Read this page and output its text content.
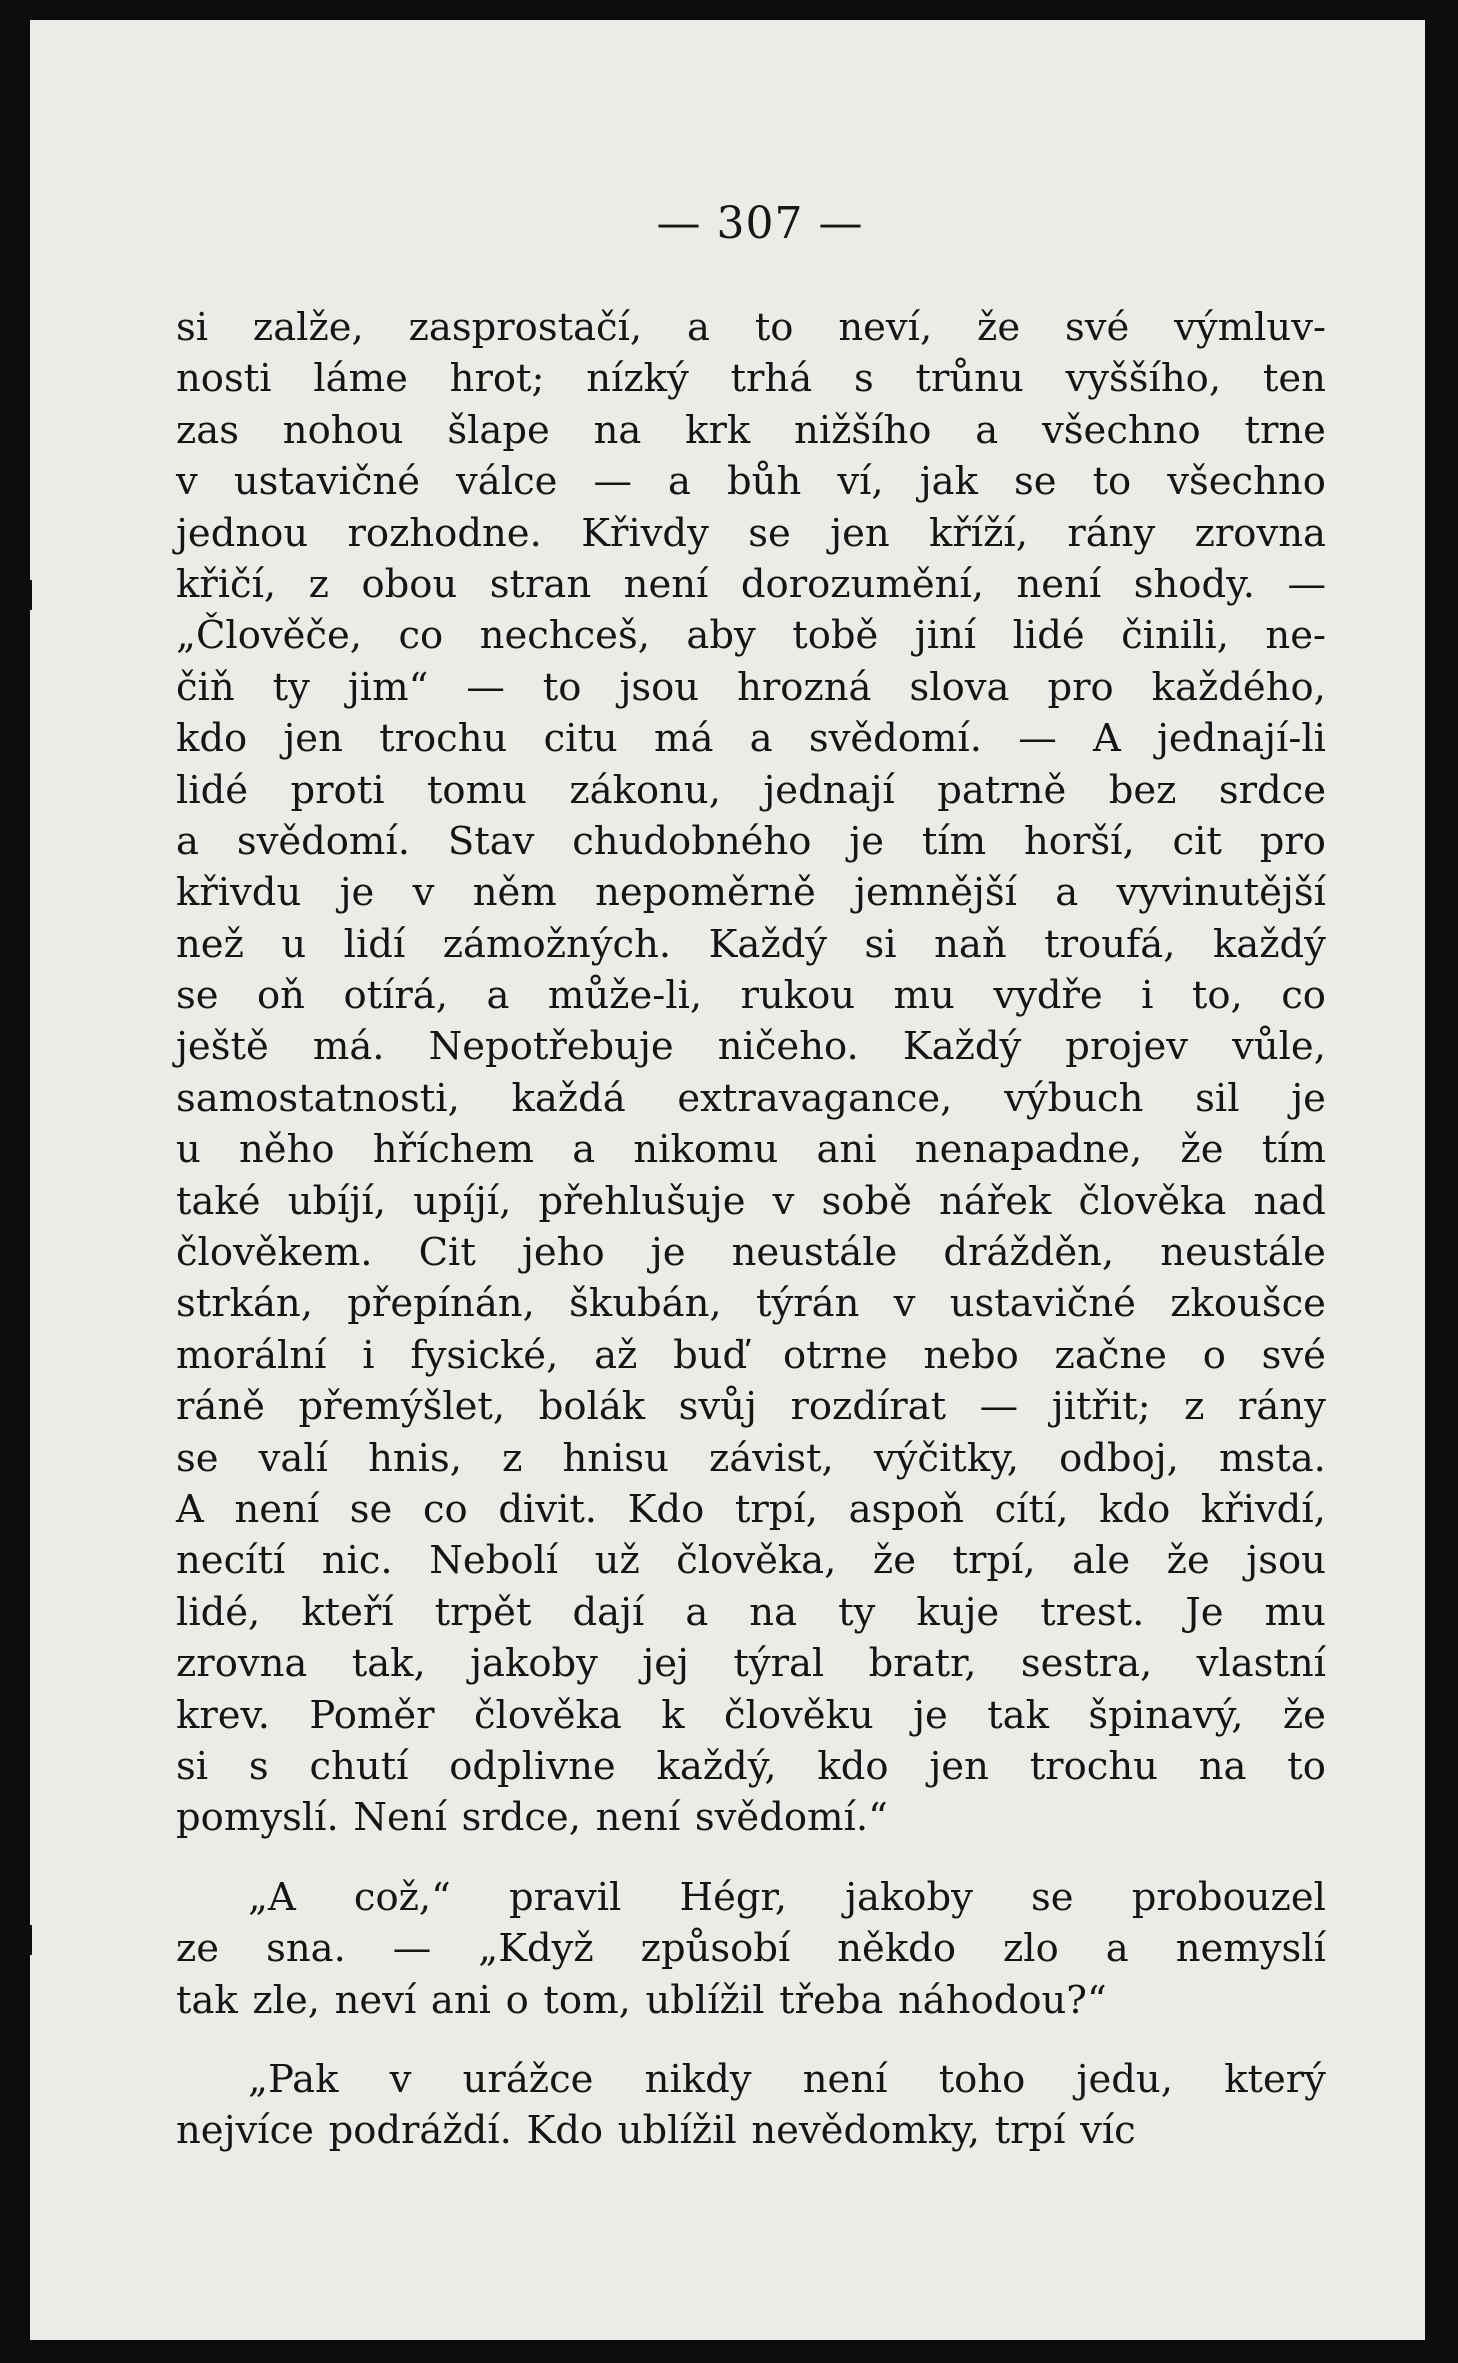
— 307 —
si zalže, zasprostačí, a to neví, že své výmluv-
nosti láme hrot; nízký trhá s trůnu vyššího, ten
zas nohou šlape na krk nižšího a všechno trne
v ustavičné válce — a bůh ví, jak se to všechno
jednou rozhodne. Křivdy se jen kříží, rány zrovna
křičí, z obou stran není dorozumění, není shody. —
„Člověče, co nechceš, aby tobě jiní lidé činili, ne-
čiň ty jim“ — to jsou hrozná slova pro každého,
kdo jen trochu citu má a svědomí. — A jednají-li
lidé proti tomu zákonu, jednají patrně bez srdce
a svědomí. Stav chudobného je tím horší, cit pro
křivdu je v něm nepoměrně jemnější a vyvinutější
než u lidí zámožných. Každý si naň troufá, každý
se oň otírá, a může-li, rukou mu vydře i to, co
ještě má. Nepotřebuje ničeho. Každý projev vůle,
samostatnosti, každá extravagance, výbuch sil je
u něho hříchem a nikomu ani nenapadne, že tím
také ubíjí, upíjí, přehlušuje v sobě nářek člověka nad
člověkem. Cit jeho je neustále drážděn, neustále
strkán, přepínán, škubán, týrán v ustavičné zkoušce
morální i fysické, až buď otrne nebo začne o své
ráně přemýšlet, bolák svůj rozdírat — jitřit; z rány
se valí hnis, z hnisu závist, výčitky, odboj, msta.
A není se co divit. Kdo trpí, aspoň cítí, kdo křivdí,
necítí nic. Nebolí už člověka, že trpí, ale že jsou
lidé, kteří trpět dají a na ty kuje trest. Je mu
zrovna tak, jakoby jej týral bratr, sestra, vlastní
krev. Poměr člověka k člověku je tak špinavý, že
si s chutí odplivne každý, kdo jen trochu na to
pomyslí. Není srdce, není svědomí.“
„A což,“ pravil Hégr, jakoby se probouzel
ze sna. — „Když způsobí někdo zlo a nemyslí
tak zle, neví ani o tom, ublížil třeba náhodou?“
„Pak v urážce nikdy není toho jedu, který
nejvíce podráždí. Kdo ublížil nevědomky, trpí víc
